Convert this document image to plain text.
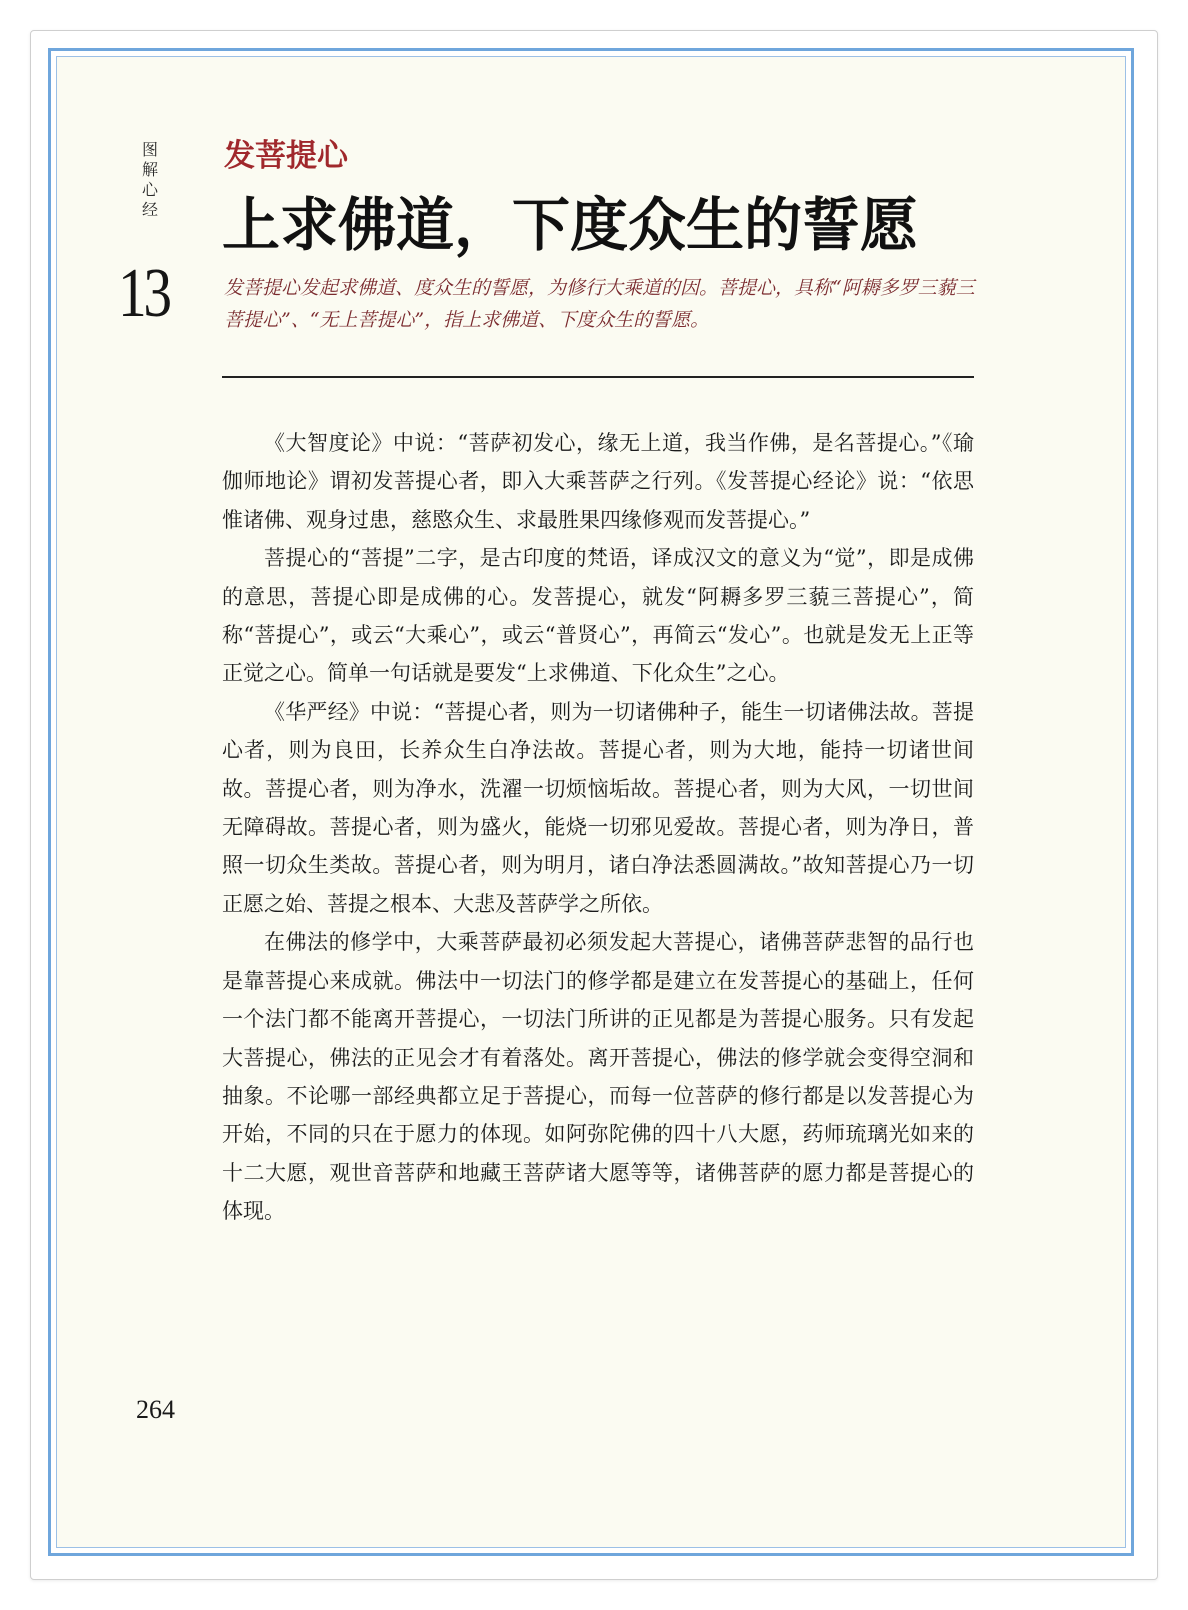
图解心经
13
发菩提心
上求佛道，下度众生的誓愿
发菩提心发起求佛道、度众生的誓愿，为修行大乘道的因。菩提心，具称“阿耨多罗三藐三菩提心”、“无上菩提心”，指上求佛道、下度众生的誓愿。

《大智度论》中说：“菩萨初发心，缘无上道，我当作佛，是名菩提心。”《瑜伽师地论》谓初发菩提心者，即入大乘菩萨之行列。《发菩提心经论》说：“依思惟诸佛、观身过患，慈愍众生、求最胜果四缘修观而发菩提心。”

菩提心的“菩提”二字，是古印度的梵语，译成汉文的意义为“觉”，即是成佛的意思，菩提心即是成佛的心。发菩提心，就发“阿耨多罗三藐三菩提心”，简称“菩提心”，或云“大乘心”，或云“普贤心”，再简云“发心”。也就是发无上正等正觉之心。简单一句话就是要发“上求佛道、下化众生”之心。

《华严经》中说：“菩提心者，则为一切诸佛种子，能生一切诸佛法故。菩提心者，则为良田，长养众生白净法故。菩提心者，则为大地，能持一切诸世间故。菩提心者，则为净水，洗濯一切烦恼垢故。菩提心者，则为大风，一切世间无障碍故。菩提心者，则为盛火，能烧一切邪见爱故。菩提心者，则为净日，普照一切众生类故。菩提心者，则为明月，诸白净法悉圆满故。”故知菩提心乃一切正愿之始、菩提之根本、大悲及菩萨学之所依。

在佛法的修学中，大乘菩萨最初必须发起大菩提心，诸佛菩萨悲智的品行也是靠菩提心来成就。佛法中一切法门的修学都是建立在发菩提心的基础上，任何一个法门都不能离开菩提心，一切法门所讲的正见都是为菩提心服务。只有发起大菩提心，佛法的正见会才有着落处。离开菩提心，佛法的修学就会变得空洞和抽象。不论哪一部经典都立足于菩提心，而每一位菩萨的修行都是以发菩提心为开始，不同的只在于愿力的体现。如阿弥陀佛的四十八大愿，药师琉璃光如来的十二大愿，观世音菩萨和地藏王菩萨诸大愿等等，诸佛菩萨的愿力都是菩提心的体现。

264
